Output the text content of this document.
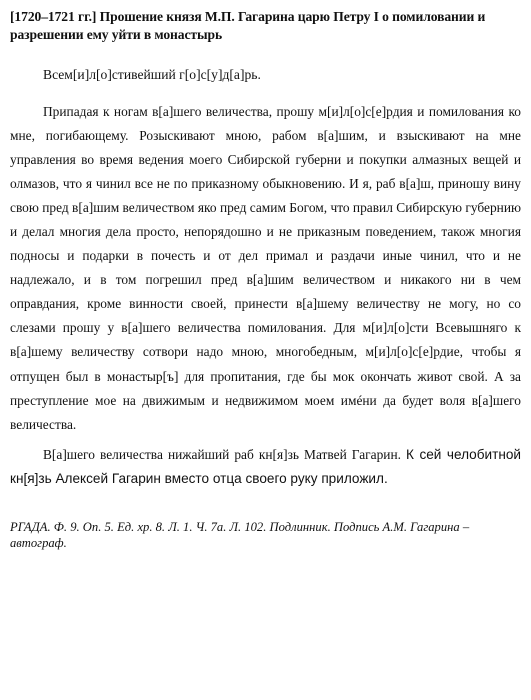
[1720–1721 гг.] Прошение князя М.П. Гагарина царю Петру I о помиловании и разрешении ему уйти в монастырь

Всем[и]л[о]стивейший г[о]с[у]д[а]рь.

Припадая к ногам в[а]шего величества, прошу м[и]л[о]с[е]рдия и помилования ко мне, погибающему. Розыскивают мною, рабом в[а]шим, и взыскивают на мне управления во время ведения моего Сибирской губерни и покупки алмазных вещей и олмазов, что я чинил все не по приказному обыкновению. И я, раб в[а]ш, приношу вину свою пред в[а]шим величеством яко пред самим Богом, что правил Сибирскую губернию и делал многия дела просто, непорядошно и не приказным поведением, також многия подносы и подарки в почесть и от дел примал и раздачи иные чинил, что и не надлежало, и в том погрешил пред в[а]шим величеством и никакого ни в чем оправдания, кроме винности своей, принести в[а]шему величеству не могу, но со слезами прошу у в[а]шего величества помилования. Для м[и]л[о]сти Всевышняго к в[а]шему величеству сотвори надо мною, многобедным, м[и]л[о]с[е]рдие, чтобы я отпущен был в монастыр[ъ] для пропитания, где бы мок окончать живот свой. А за преступление мое на движимым и недвижимом моем имéни да будет воля в[а]шего величества.

В[а]шего величества нижайший раб кн[я]зь Матвей Гагарин. К сей челобитной кн[я]зь Алексей Гагарин вместо отца своего руку приложил.

РГАДА. Ф. 9. Оп. 5. Ед. хр. 8. Л. 1. Ч. 7а. Л. 102. Подлинник. Подпись А.М. Гагарина – автограф.
